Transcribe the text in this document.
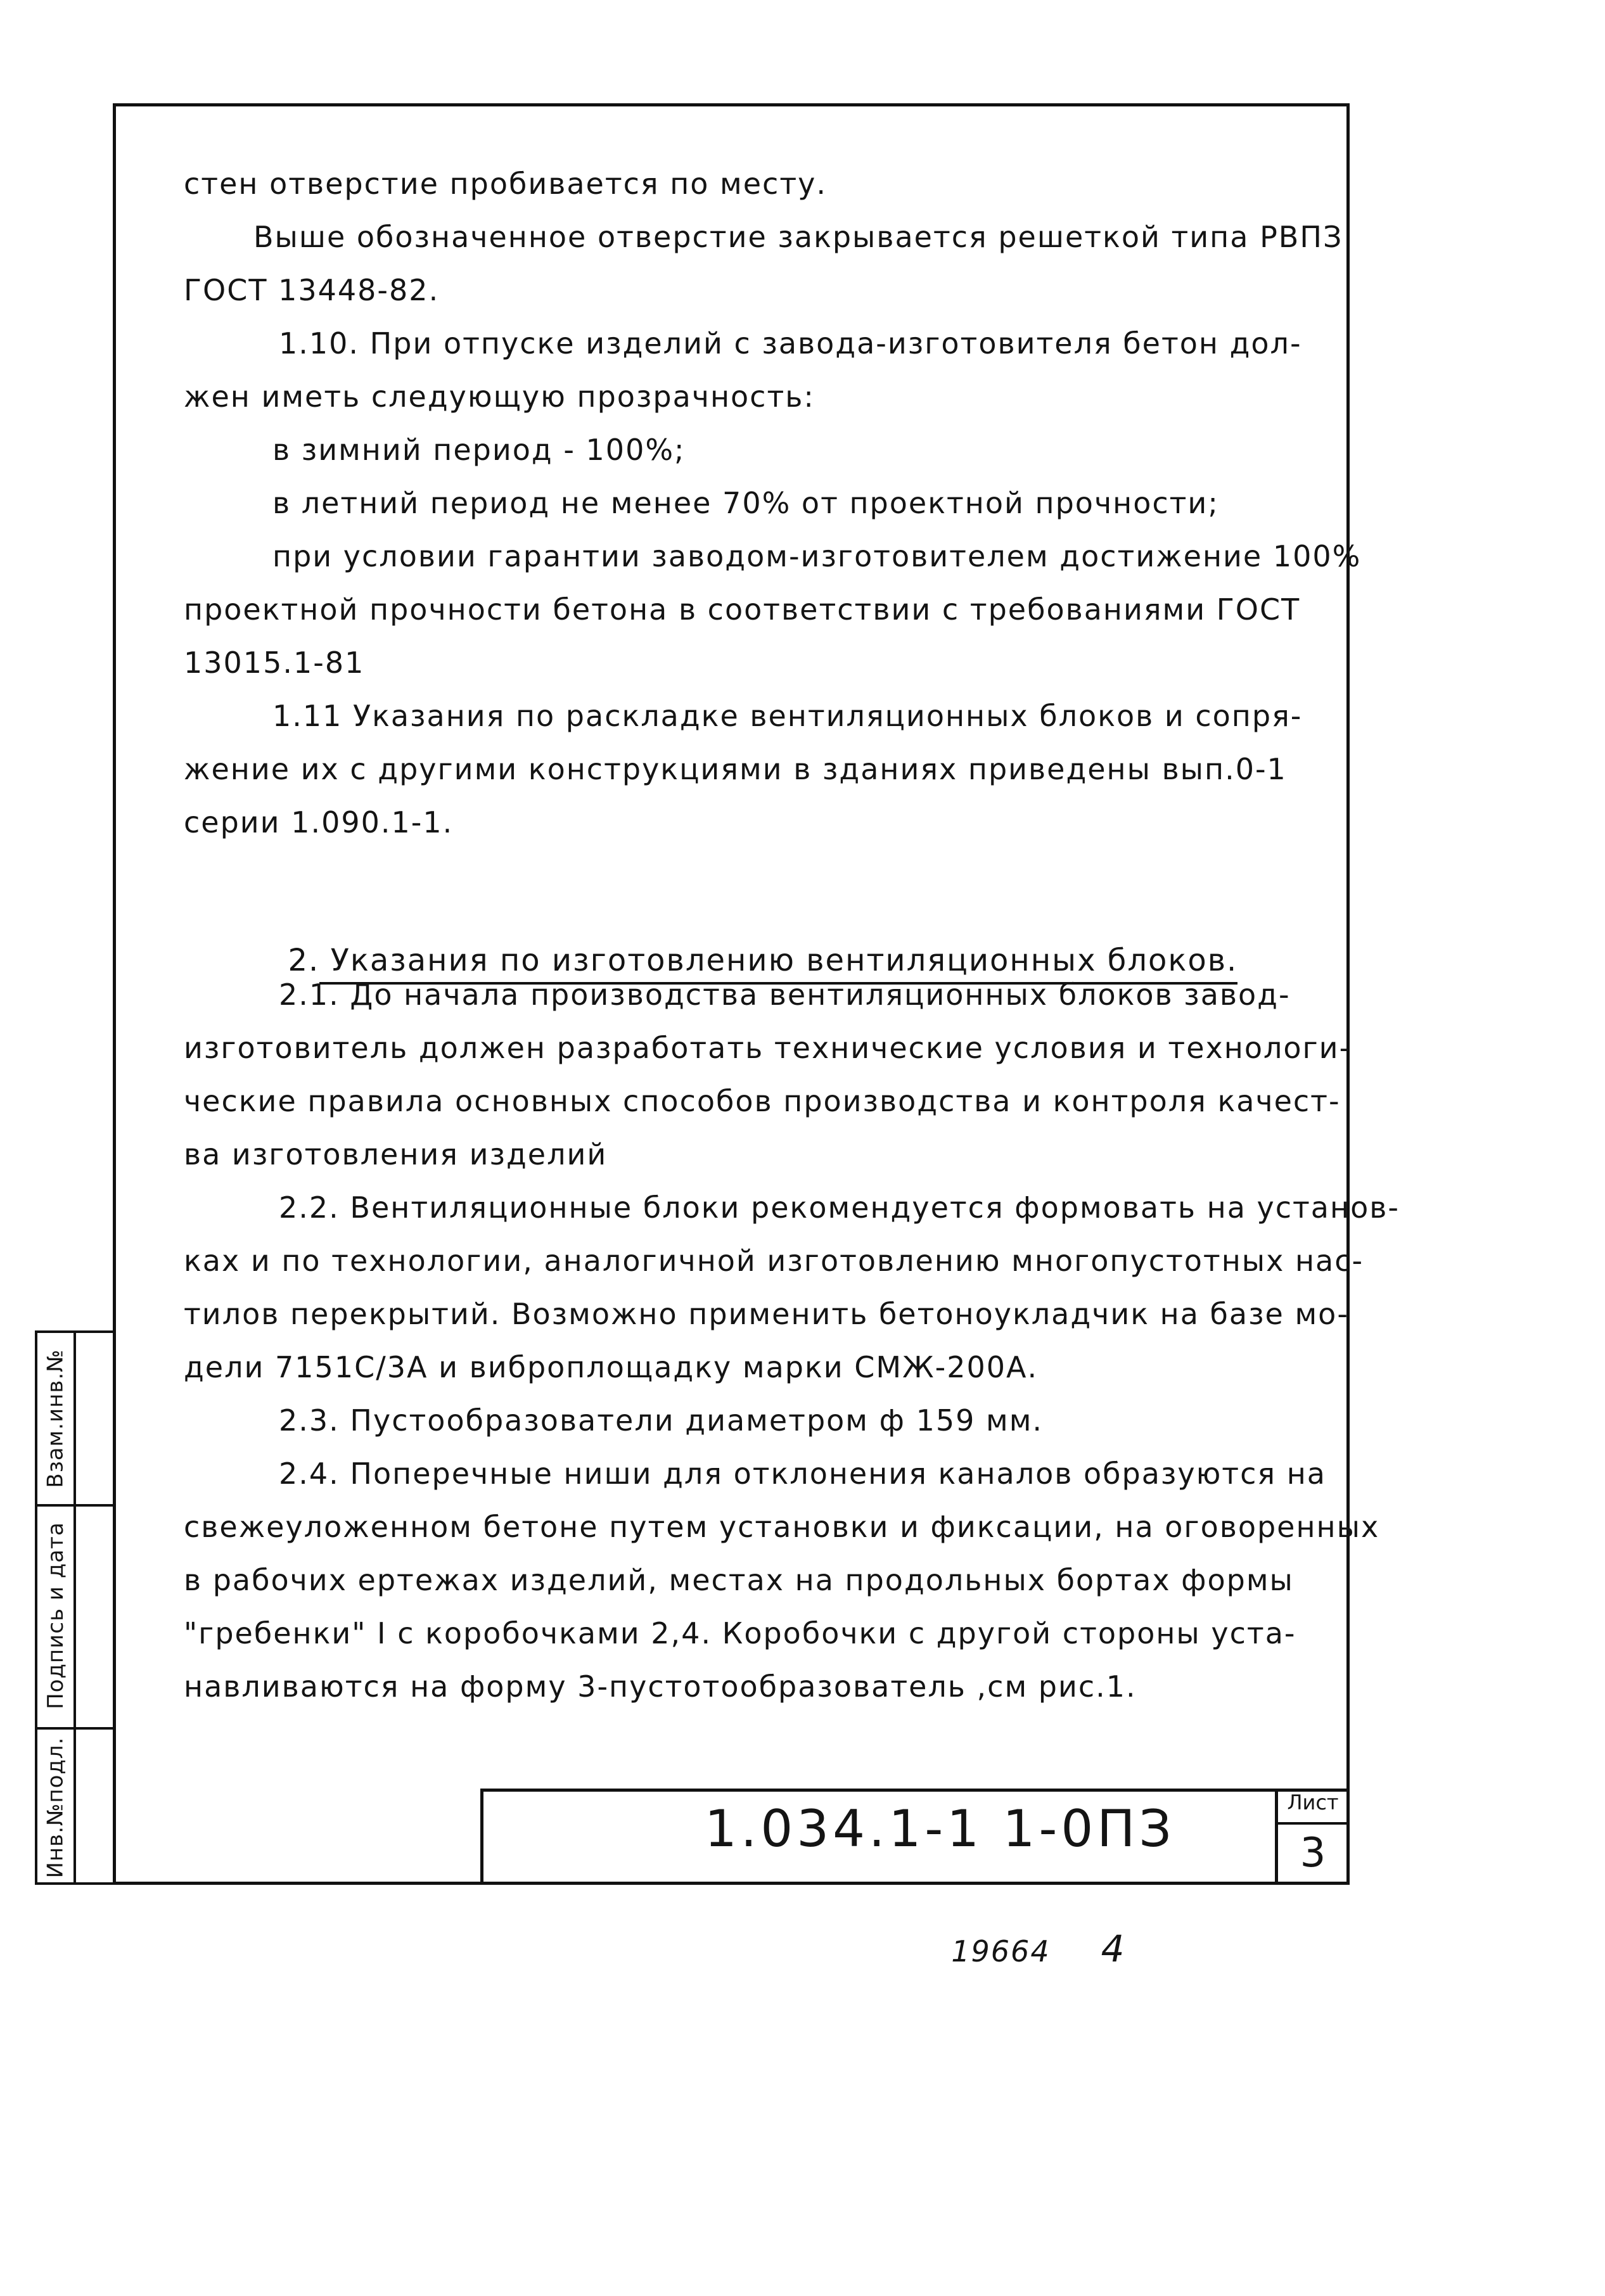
Взам.инв.№
Подпись и дата
Инв.№подл.

стен отверстие пробивается по месту.

Выше обозначенное отверстие закрывается решеткой типа РВПЗ

ГОСТ 13448-82.

1.10. При отпуске изделий с завода-изготовителя бетон дол-

жен иметь следующую прозрачность:

в зимний период - 100%;

в летний период не менее 70% от проектной прочности;

при условии гарантии заводом-изготовителем достижение 100%

проектной прочности бетона в соответствии с требованиями ГОСТ

13015.1-81

1.11 Указания по раскладке вентиляционных блоков и сопря-

жение их с другими конструкциями в зданиях приведены вып.0-1

серии 1.090.1-1.

2. Указания по изготовлению вентиляционных блоков.

2.1. До начала производства вентиляционных блоков завод-

изготовитель должен разработать технические условия и технологи-

ческие правила основных способов производства и контроля качест-

ва изготовления изделий

2.2. Вентиляционные блоки рекомендуется формовать на установ-

ках и по технологии, аналогичной изготовлению многопустотных нас-

тилов перекрытий. Возможно применить бетоноукладчик на базе мо-

дели 7151С/3А и виброплощадку марки СМЖ-200А.

2.3. Пустообразователи диаметром ф 159 мм.

2.4. Поперечные ниши для отклонения каналов образуются на

свежеуложенном бетоне путем установки и фиксации, на оговоренных

в рабочих ертежах изделий, местах на продольных бортах формы

"гребенки" I с коробочками 2,4. Коробочки с другой стороны уста-

навливаются на форму 3-пустотообразователь ,см рис.1.

1.034.1-1 1-0ПЗ	Лист
3

19664 4
